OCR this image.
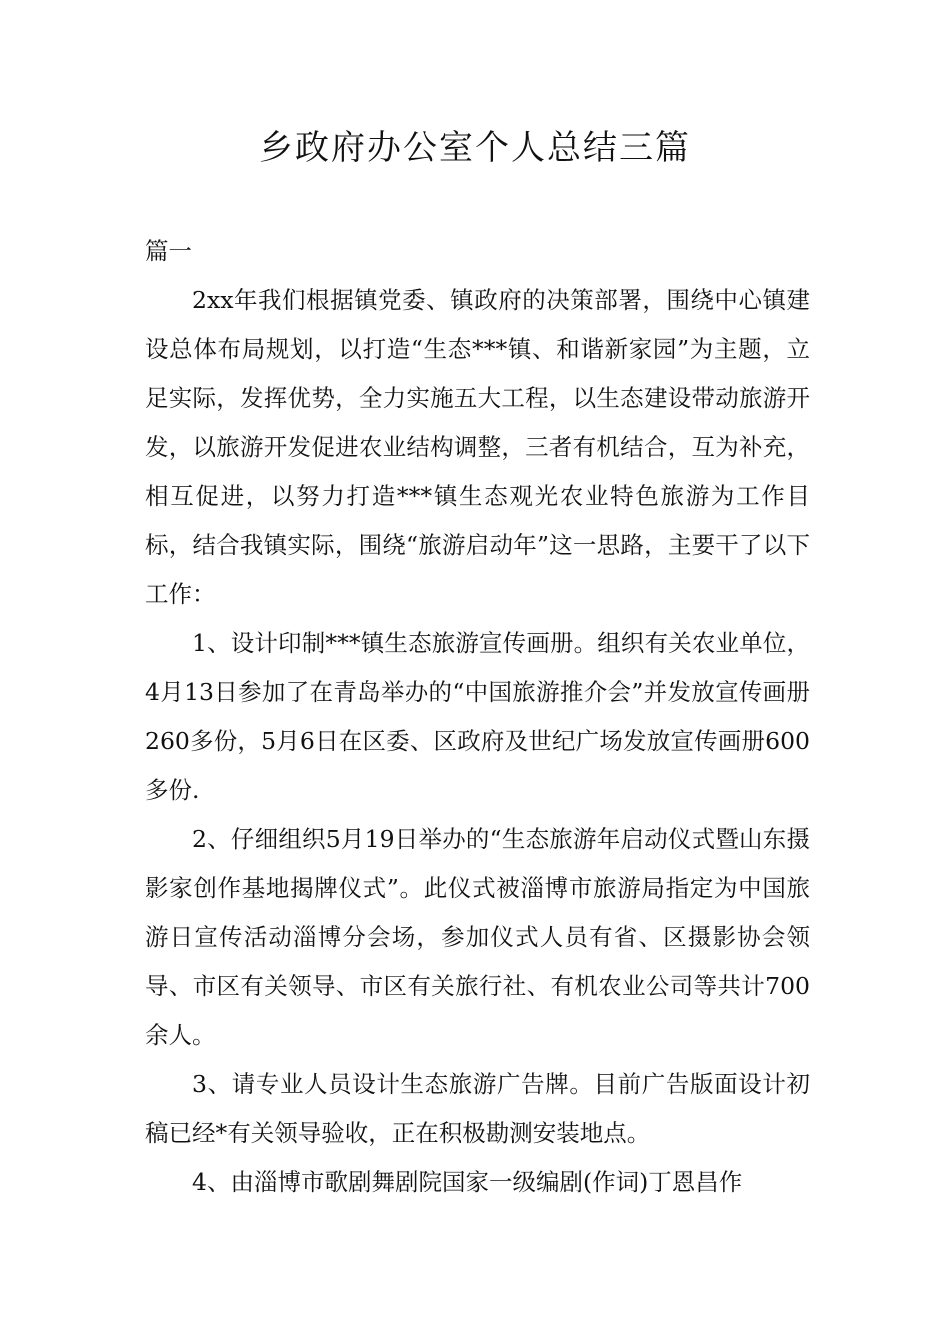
乡政府办公室个人总结三篇

篇一

2xx年我们根据镇党委、镇政府的决策部署，围绕中心镇建设总体布局规划，以打造“生态***镇、和谐新家园”为主题，立足实际，发挥优势，全力实施五大工程，以生态建设带动旅游开发，以旅游开发促进农业结构调整，三者有机结合，互为补充，相互促进，以努力打造***镇生态观光农业特色旅游为工作目标，结合我镇实际，围绕“旅游启动年”这一思路，主要干了以下工作：

1、设计印制***镇生态旅游宣传画册。组织有关农业单位，4月13日参加了在青岛举办的“中国旅游推介会”并发放宣传画册260多份，5月6日在区委、区政府及世纪广场发放宣传画册600多份.

2、仔细组织5月19日举办的“生态旅游年启动仪式暨山东摄影家创作基地揭牌仪式”。此仪式被淄博市旅游局指定为中国旅游日宣传活动淄博分会场，参加仪式人员有省、区摄影协会领导、市区有关领导、市区有关旅行社、有机农业公司等共计700余人。

3、请专业人员设计生态旅游广告牌。目前广告版面设计初稿已经*有关领导验收，正在积极勘测安装地点。

4、由淄博市歌剧舞剧院国家一级编剧(作词)丁恩昌作
